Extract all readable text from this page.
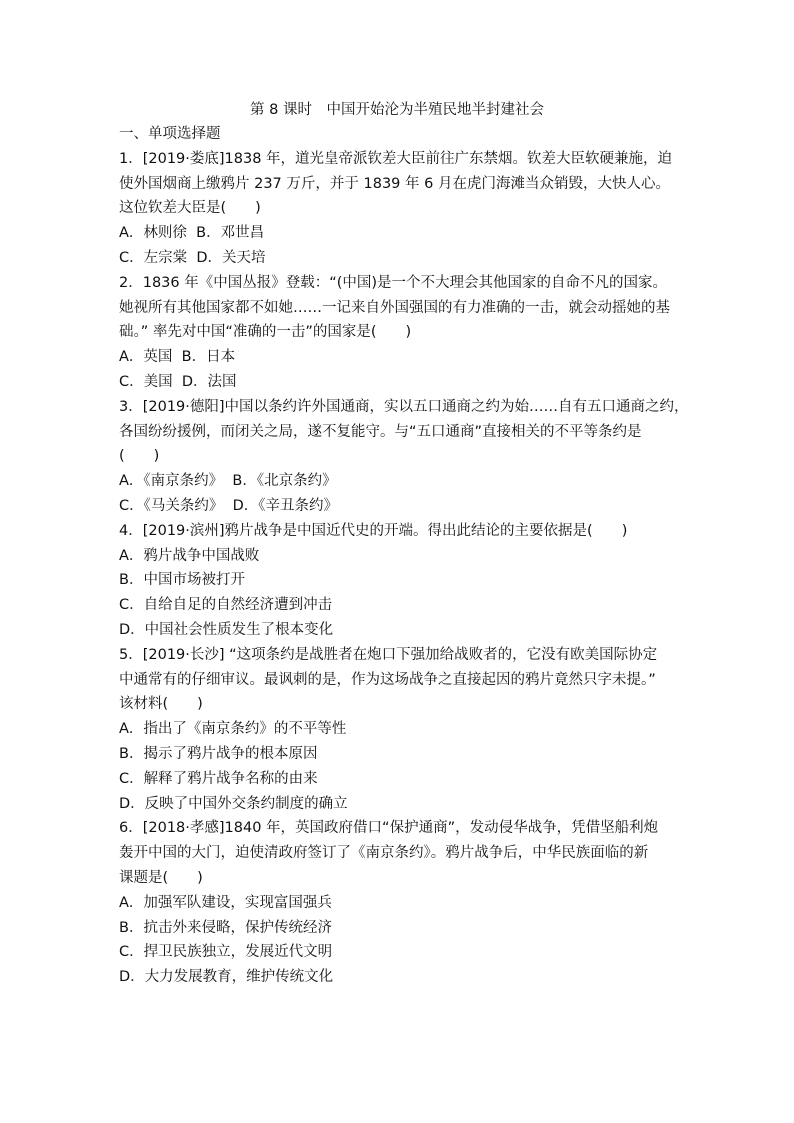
第 8 课时　中国开始沦为半殖民地半封建社会
一、单项选择题
1．[2019·娄底]1838 年，道光皇帝派钦差大臣前往广东禁烟。钦差大臣软硬兼施，迫
使外国烟商上缴鸦片 237 万斤，并于 1839 年 6 月在虎门海滩当众销毁，大快人心。
这位钦差大臣是(　　)
A．林则徐  B．邓世昌
C．左宗棠  D．关天培
2．1836 年《中国丛报》登载：“(中国)是一个不大理会其他国家的自命不凡的国家。
她视所有其他国家都不如她……一记来自外国强国的有力准确的一击，就会动摇她的基
础。” 率先对中国“准确的一击”的国家是(　　)
A．英国  B．日本
C．美国  D．法国
3．[2019·德阳]中国以条约许外国通商，实以五口通商之约为始……自有五口通商之约，
各国纷纷援例，而闭关之局，遂不复能守。与“五口通商”直接相关的不平等条约是
(　　)
A．《南京条约》  B．《北京条约》
C．《马关条约》  D．《辛丑条约》
4．[2019·滨州]鸦片战争是中国近代史的开端。得出此结论的主要依据是(　　)
A．鸦片战争中国战败
B．中国市场被打开
C．自给自足的自然经济遭到冲击
D．中国社会性质发生了根本变化
5．[2019·长沙] “这项条约是战胜者在炮口下强加给战败者的，它没有欧美国际协定
中通常有的仔细审议。最讽刺的是，作为这场战争之直接起因的鸦片竟然只字未提。”
该材料(　　)
A．指出了《南京条约》的不平等性
B．揭示了鸦片战争的根本原因
C．解释了鸦片战争名称的由来
D．反映了中国外交条约制度的确立
6．[2018·孝感]1840 年，英国政府借口“保护通商”，发动侵华战争，凭借坚船利炮
轰开中国的大门，迫使清政府签订了《南京条约》。鸦片战争后，中华民族面临的新
课题是(　　)
A．加强军队建设，实现富国强兵
B．抗击外来侵略，保护传统经济
C．捍卫民族独立，发展近代文明
D．大力发展教育，维护传统文化
